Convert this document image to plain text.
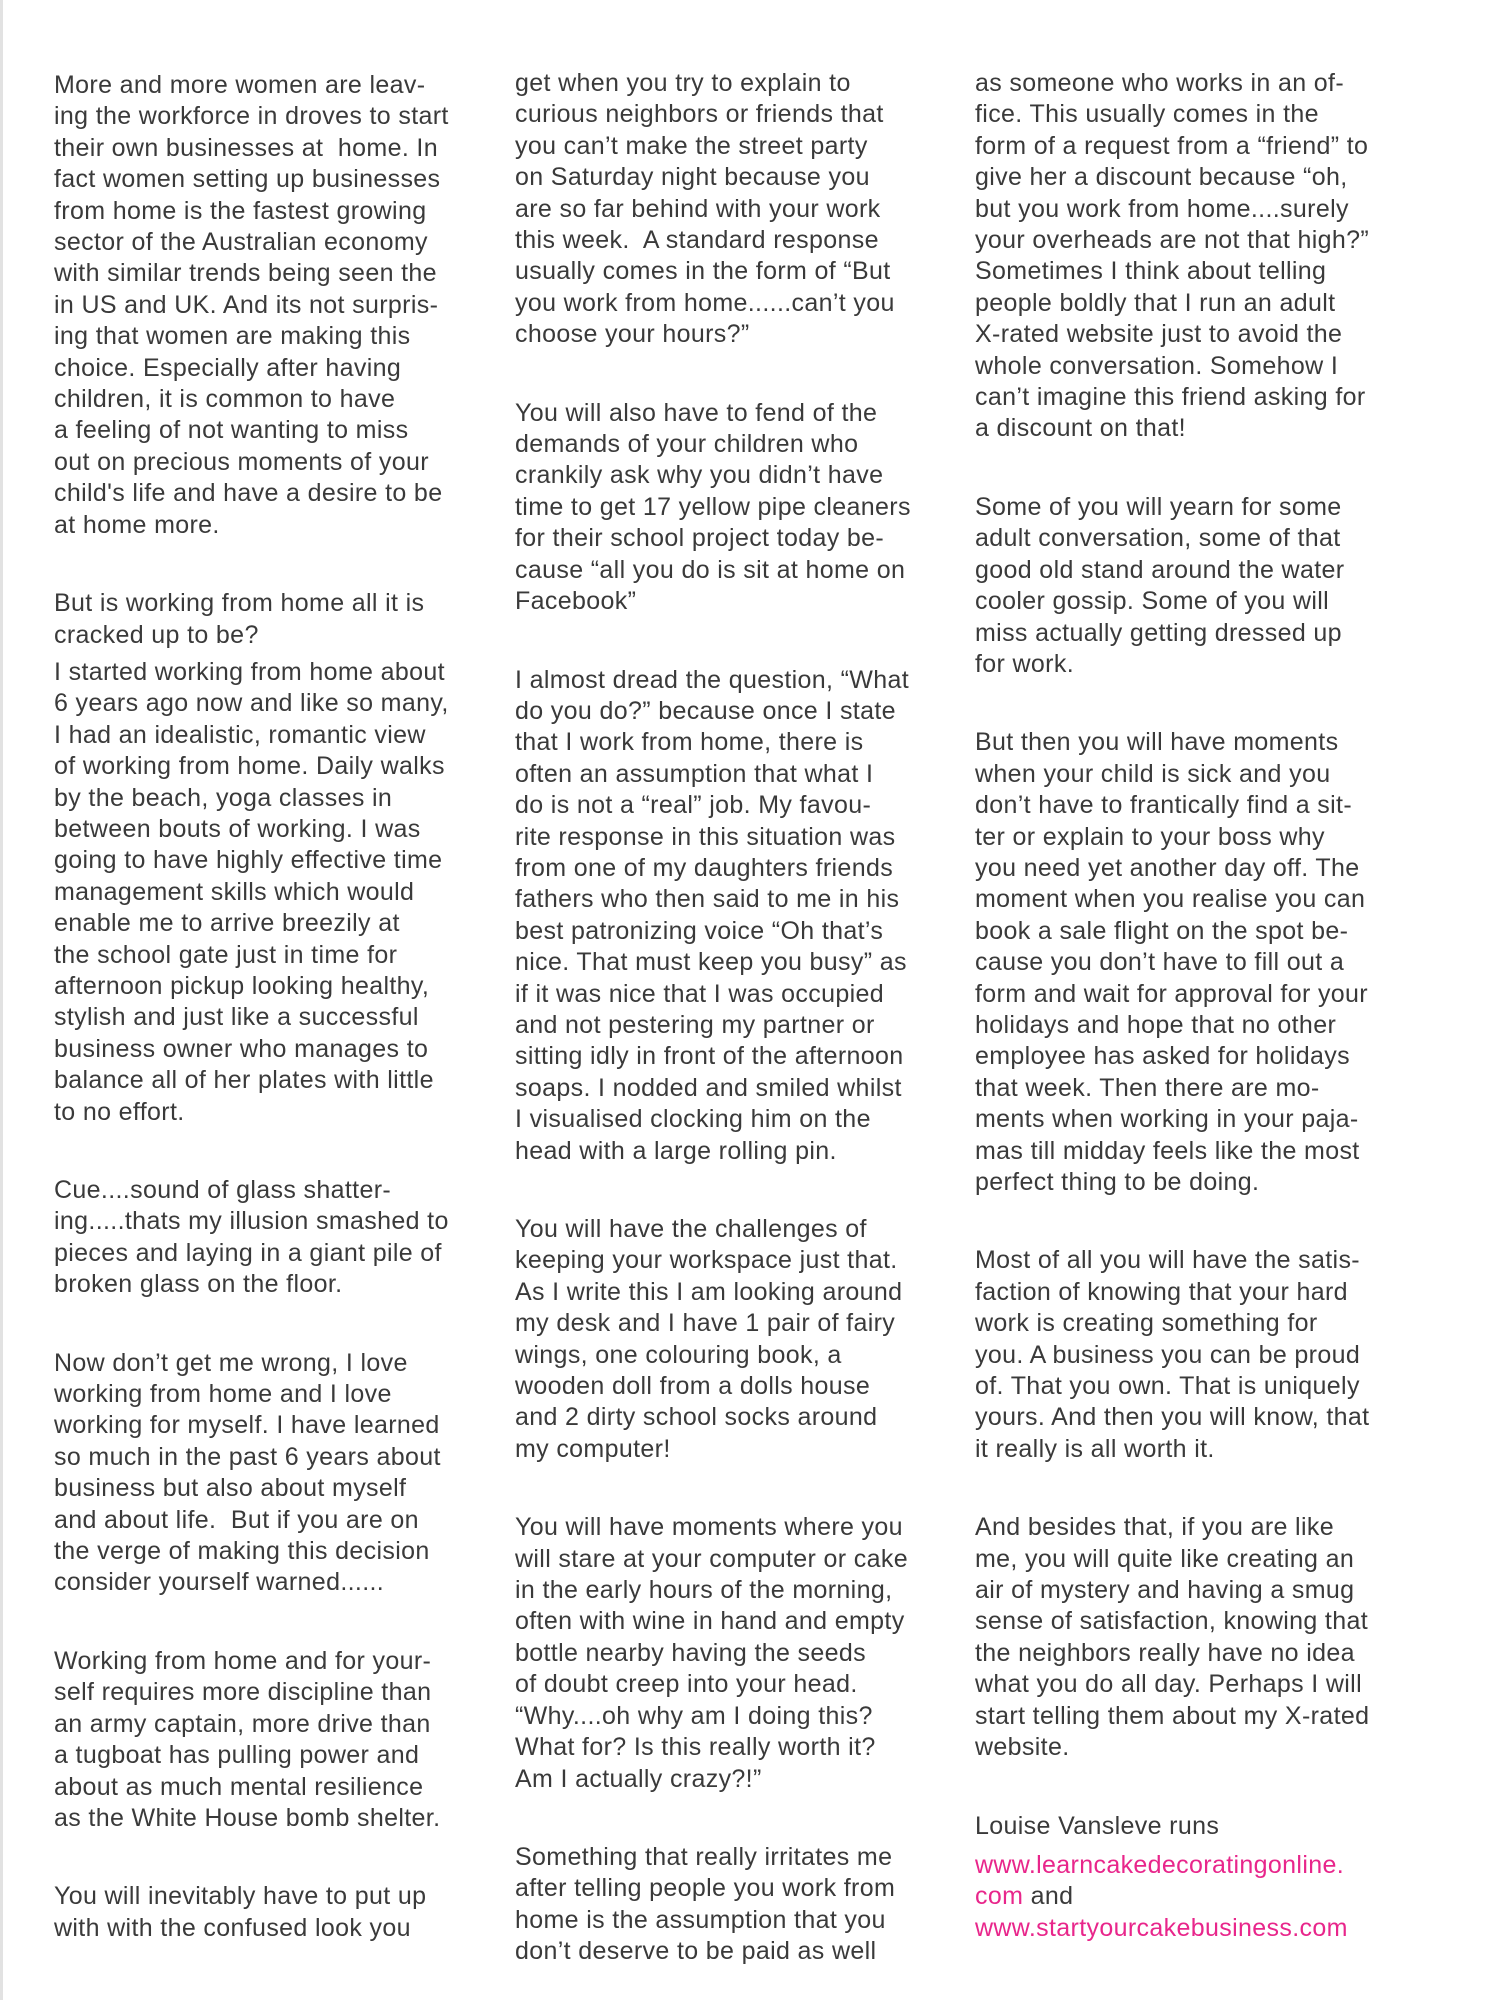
More and more women are leav-
ing the workforce in droves to start
their own businesses at  home. In
fact women setting up businesses
from home is the fastest growing
sector of the Australian economy
with similar trends being seen the
in US and UK. And its not surpris-
ing that women are making this
choice. Especially after having
children, it is common to have
a feeling of not wanting to miss
out on precious moments of your
child's life and have a desire to be
at home more.
But is working from home all it is
cracked up to be?
I started working from home about
6 years ago now and like so many,
I had an idealistic, romantic view
of working from home. Daily walks
by the beach, yoga classes in
between bouts of working. I was
going to have highly effective time
management skills which would
enable me to arrive breezily at
the school gate just in time for
afternoon pickup looking healthy,
stylish and just like a successful
business owner who manages to
balance all of her plates with little
to no effort.
Cue....sound of glass shatter-
ing.....thats my illusion smashed to
pieces and laying in a giant pile of
broken glass on the floor.
Now don’t get me wrong, I love
working from home and I love
working for myself. I have learned
so much in the past 6 years about
business but also about myself
and about life.  But if you are on
the verge of making this decision
consider yourself warned......
Working from home and for your-
self requires more discipline than
an army captain, more drive than
a tugboat has pulling power and
about as much mental resilience
as the White House bomb shelter.
You will inevitably have to put up
with with the confused look you
get when you try to explain to
curious neighbors or friends that
you can’t make the street party
on Saturday night because you
are so far behind with your work
this week.  A standard response
usually comes in the form of “But
you work from home......can’t you
choose your hours?”
You will also have to fend of the
demands of your children who
crankily ask why you didn’t have
time to get 17 yellow pipe cleaners
for their school project today be-
cause “all you do is sit at home on
Facebook”
I almost dread the question, “What
do you do?” because once I state
that I work from home, there is
often an assumption that what I
do is not a “real” job. My favou-
rite response in this situation was
from one of my daughters friends
fathers who then said to me in his
best patronizing voice “Oh that’s
nice. That must keep you busy” as
if it was nice that I was occupied
and not pestering my partner or
sitting idly in front of the afternoon
soaps. I nodded and smiled whilst
I visualised clocking him on the
head with a large rolling pin.
You will have the challenges of
keeping your workspace just that.
As I write this I am looking around
my desk and I have 1 pair of fairy
wings, one colouring book, a
wooden doll from a dolls house
and 2 dirty school socks around
my computer!
You will have moments where you
will stare at your computer or cake
in the early hours of the morning,
often with wine in hand and empty
bottle nearby having the seeds
of doubt creep into your head.
“Why....oh why am I doing this?
What for? Is this really worth it?
Am I actually crazy?!”
Something that really irritates me
after telling people you work from
home is the assumption that you
don’t deserve to be paid as well
as someone who works in an of-
fice. This usually comes in the
form of a request from a “friend” to
give her a discount because “oh,
but you work from home....surely
your overheads are not that high?”
Sometimes I think about telling
people boldly that I run an adult
X-rated website just to avoid the
whole conversation. Somehow I
can’t imagine this friend asking for
a discount on that!
Some of you will yearn for some
adult conversation, some of that
good old stand around the water
cooler gossip. Some of you will
miss actually getting dressed up
for work.
But then you will have moments
when your child is sick and you
don’t have to frantically find a sit-
ter or explain to your boss why
you need yet another day off. The
moment when you realise you can
book a sale flight on the spot be-
cause you don’t have to fill out a
form and wait for approval for your
holidays and hope that no other
employee has asked for holidays
that week. Then there are mo-
ments when working in your paja-
mas till midday feels like the most
perfect thing to be doing.
Most of all you will have the satis-
faction of knowing that your hard
work is creating something for
you. A business you can be proud
of. That you own. That is uniquely
yours. And then you will know, that
it really is all worth it.
And besides that, if you are like
me, you will quite like creating an
air of mystery and having a smug
sense of satisfaction, knowing that
the neighbors really have no idea
what you do all day. Perhaps I will
start telling them about my X-rated
website.
Louise Vansleve runs
www.learncakedecoratingonline.
com and
www.startyourcakebusiness.com
